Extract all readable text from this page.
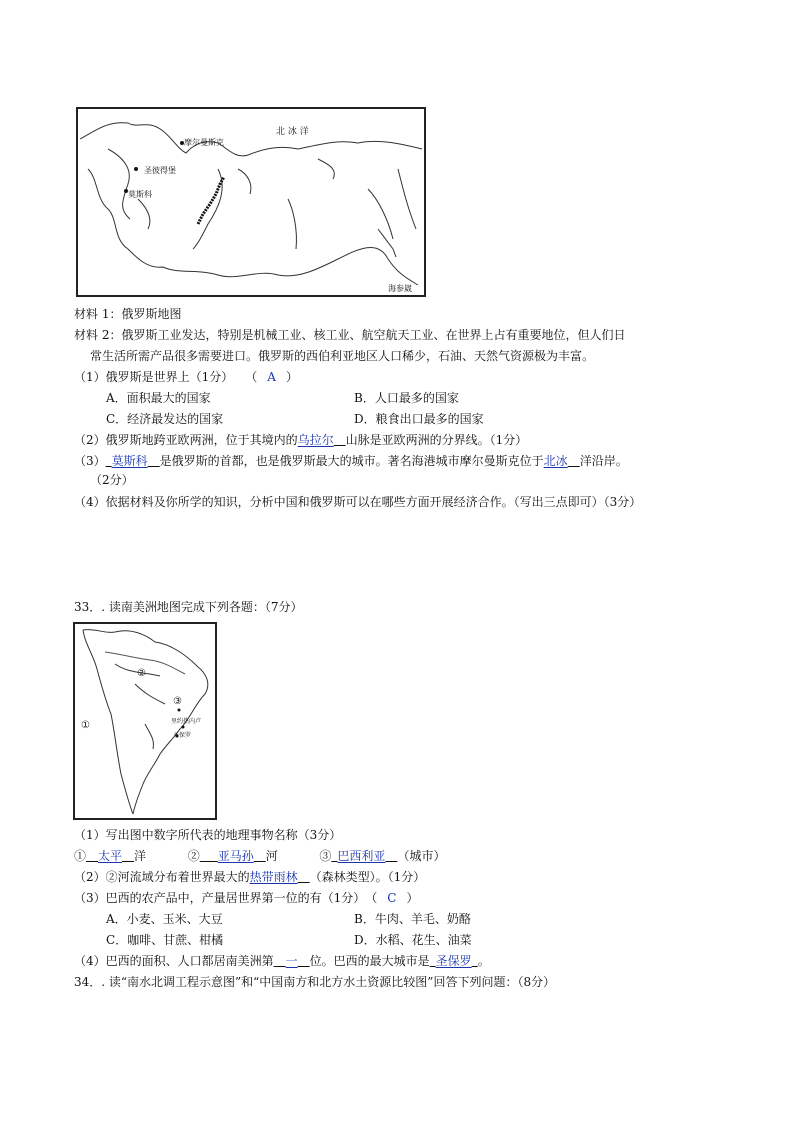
北 冰 洋
摩尔曼斯克
圣彼得堡
莫斯科
海参崴
材料 1：俄罗斯地图
材料 2：俄罗斯工业发达，特别是机械工业、核工业、航空航天工业、在世界上占有重要地位，但人们日
常生活所需产品很多需要进口。俄罗斯的西伯利亚地区人口稀少，石油、天然气资源极为丰富。
（1）俄罗斯是世界上（1分）　　（ A ）
A．面积最大的国家	B．人口最多的国家
C．经济最发达的国家	D．粮食出口最多的国家
（2）俄罗斯地跨亚欧两洲，位于其境内的乌拉尔  山脉是亚欧两洲的分界线。（1分）
（3）  莫斯科  是俄罗斯的首都，也是俄罗斯最大的城市。著名海港城市摩尔曼斯克位于北冰  洋沿岸。
（2分）
（4）依据材料及你所学的知识，分析中国和俄罗斯可以在哪些方面开展经济合作。（写出三点即可）（3分）
33．. 读南美洲地图完成下列各题：（7分）
①
②
③
里约热内卢
圣保罗
（1）写出图中数字所代表的地理事物名称（3分）
①  太平  洋	②   亚马孙  河	③  巴西利亚  （城市）
（2）②河流域分布着世界最大的热带雨林  （森林类型）。（1分）
（3）巴西的农产品中，产量居世界第一位的有（1分）　（ C ）
A．小麦、玉米、大豆	B．牛肉、羊毛、奶酪
C．咖啡、甘蔗、柑橘	D．水稻、花生、油菜
（4）巴西的面积、人口都居南美洲第  一  位。巴西的最大城市是  圣保罗  。
34．. 读“南水北调工程示意图”和“中国南方和北方水土资源比较图”回答下列问题：（8分）
